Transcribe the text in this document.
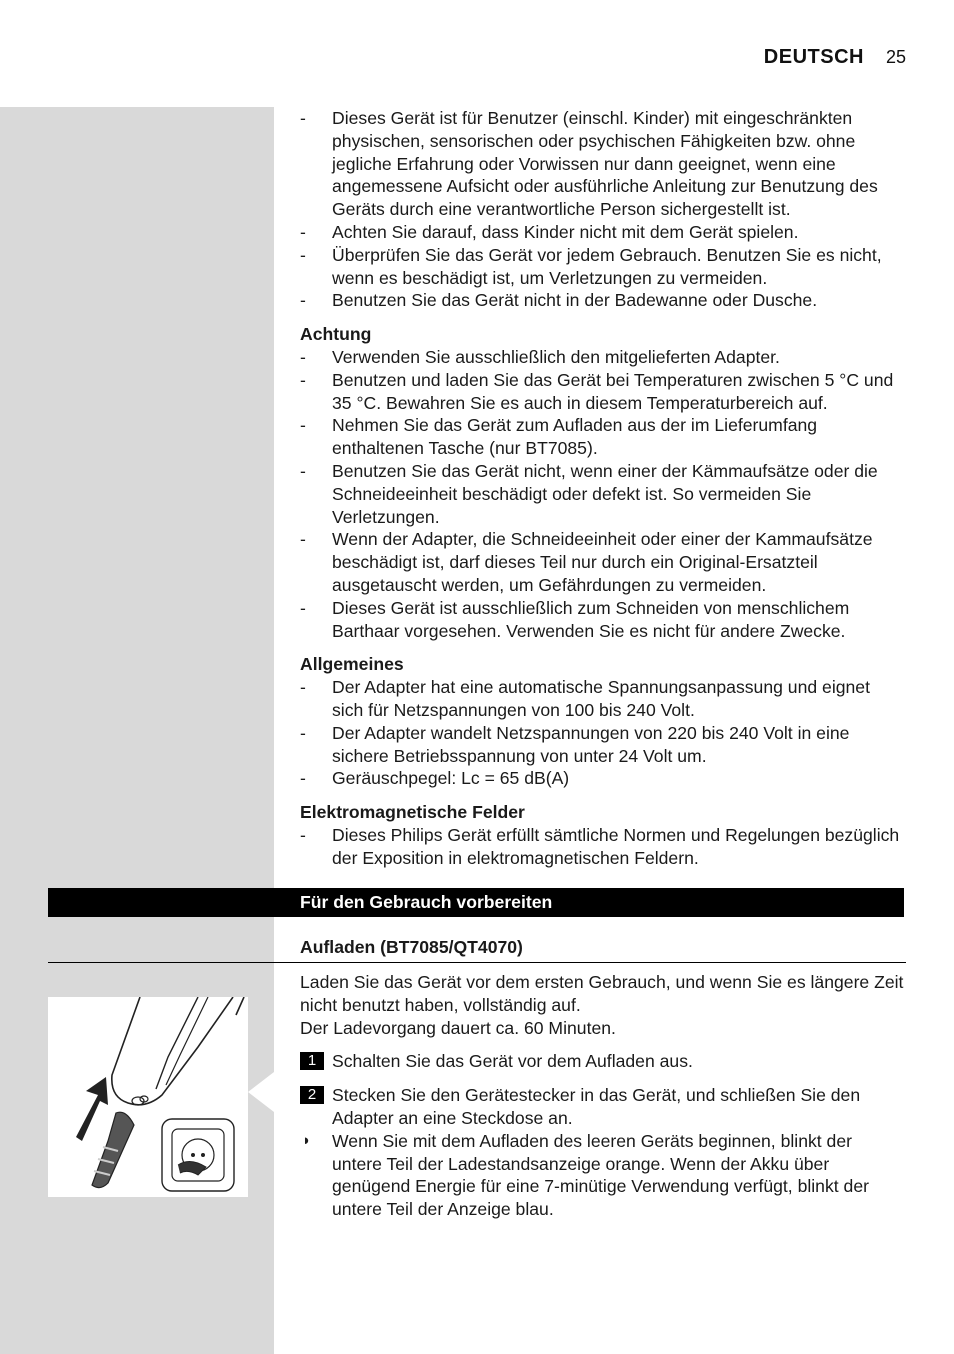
DEUTSCH 25
- Dieses Gerät ist für Benutzer (einschl. Kinder) mit eingeschränkten physischen, sensorischen oder psychischen Fähigkeiten bzw. ohne jegliche Erfahrung oder Vorwissen nur dann geeignet, wenn eine angemessene Aufsicht oder ausführliche Anleitung zur Benutzung des Geräts durch eine verantwortliche Person sichergestellt ist.
- Achten Sie darauf, dass Kinder nicht mit dem Gerät spielen.
- Überprüfen Sie das Gerät vor jedem Gebrauch. Benutzen Sie es nicht, wenn es beschädigt ist, um Verletzungen zu vermeiden.
- Benutzen Sie das Gerät nicht in der Badewanne oder Dusche.
Achtung
- Verwenden Sie ausschließlich den mitgelieferten Adapter.
- Benutzen und laden Sie das Gerät bei Temperaturen zwischen 5 °C und 35 °C. Bewahren Sie es auch in diesem Temperaturbereich auf.
- Nehmen Sie das Gerät zum Aufladen aus der im Lieferumfang enthaltenen Tasche (nur BT7085).
- Benutzen Sie das Gerät nicht, wenn einer der Kämmaufsätze oder die Schneideeinheit beschädigt oder defekt ist. So vermeiden Sie Verletzungen.
- Wenn der Adapter, die Schneideeinheit oder einer der Kammaufsätze beschädigt ist, darf dieses Teil nur durch ein Original-Ersatzteil ausgetauscht werden, um Gefährdungen zu vermeiden.
- Dieses Gerät ist ausschließlich zum Schneiden von menschlichem Barthaar vorgesehen. Verwenden Sie es nicht für andere Zwecke.
Allgemeines
- Der Adapter hat eine automatische Spannungsanpassung und eignet sich für Netzspannungen von 100 bis 240 Volt.
- Der Adapter wandelt Netzspannungen von 220 bis 240 Volt in eine sichere Betriebsspannung von unter 24 Volt um.
- Geräuschpegel: Lc = 65 dB(A)
Elektromagnetische Felder
- Dieses Philips Gerät erfüllt sämtliche Normen und Regelungen bezüglich der Exposition in elektromagnetischen Feldern.
Für den Gebrauch vorbereiten
Aufladen (BT7085/QT4070)
Laden Sie das Gerät vor dem ersten Gebrauch, und wenn Sie es längere Zeit nicht benutzt haben, vollständig auf.
Der Ladevorgang dauert ca. 60 Minuten.
1 Schalten Sie das Gerät vor dem Aufladen aus.
2 Stecken Sie den Gerätestecker in das Gerät, und schließen Sie den Adapter an eine Steckdose an.
◗ Wenn Sie mit dem Aufladen des leeren Geräts beginnen, blinkt der untere Teil der Ladestandsanzeige orange. Wenn der Akku über genügend Energie für eine 7-minütige Verwendung verfügt, blinkt der untere Teil der Anzeige blau.
